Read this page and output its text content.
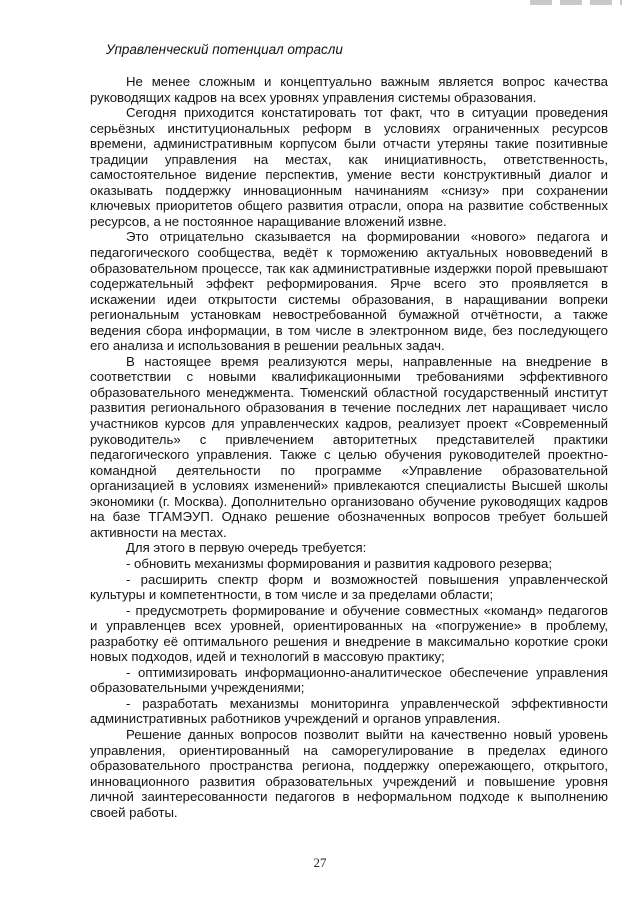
Управленческий потенциал отрасли

Не менее сложным и концептуально важным является вопрос качества руководящих кадров на всех уровнях управления системы образования.

Сегодня приходится констатировать тот факт, что в ситуации проведения серьёзных институциональных реформ в условиях ограниченных ресурсов времени, административным корпусом были отчасти утеряны такие позитивные традиции управления на местах, как инициативность, ответственность, самостоятельное видение перспектив, умение вести конструктивный диалог и оказывать поддержку инновационным начинаниям «снизу» при сохранении ключевых приоритетов общего развития отрасли, опора на развитие собственных ресурсов, а не постоянное наращивание вложений извне.

Это отрицательно сказывается на формировании «нового» педагога и педагогического сообщества, ведёт к торможению актуальных нововведений в образовательном процессе, так как административные издержки порой превышают содержательный эффект реформирования. Ярче всего это проявляется в искажении идеи открытости системы образования, в наращивании вопреки региональным установкам невостребованной бумажной отчётности, а также ведения сбора информации, в том числе в электронном виде, без последующего его анализа и использования в решении реальных задач.

В настоящее время реализуются меры, направленные на внедрение в соответствии с новыми квалификационными требованиями эффективного образовательного менеджмента. Тюменский областной государственный институт развития регионального образования в течение последних лет наращивает число участников курсов для управленческих кадров, реализует проект «Современный руководитель» с привлечением авторитетных представителей практики педагогического управления. Также с целью обучения руководителей проектно-командной деятельности по программе «Управление образовательной организацией в условиях изменений» привлекаются специалисты Высшей школы экономики (г. Москва). Дополнительно организовано обучение руководящих кадров на базе ТГАМЭУП. Однако решение обозначенных вопросов требует большей активности на местах.

Для этого в первую очередь требуется:

- обновить механизмы формирования и развития кадрового резерва;

- расширить спектр форм и возможностей повышения управленческой культуры и компетентности, в том числе и за пределами области;

- предусмотреть формирование и обучение совместных «команд» педагогов и управленцев всех уровней, ориентированных на «погружение» в проблему, разработку её оптимального решения и внедрение в максимально короткие сроки новых подходов, идей и технологий в массовую практику;

- оптимизировать информационно-аналитическое обеспечение управления образовательными учреждениями;

- разработать механизмы мониторинга управленческой эффективности административных работников учреждений и органов управления.

Решение данных вопросов позволит выйти на качественно новый уровень управления, ориентированный на саморегулирование в пределах единого образовательного пространства региона, поддержку опережающего, открытого, инновационного развития образовательных учреждений и повышение уровня личной заинтересованности педагогов в неформальном подходе к выполнению своей работы.

27
